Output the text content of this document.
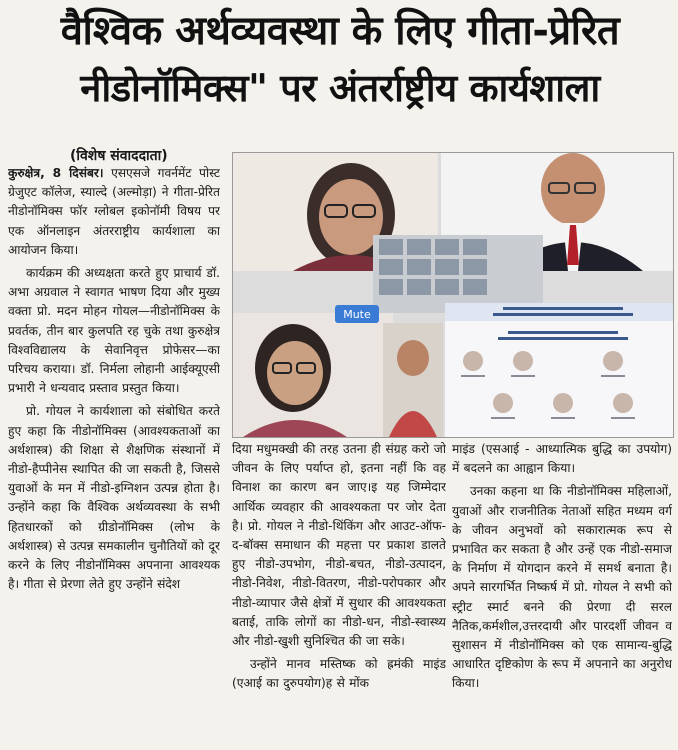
वैश्विक अर्थव्यवस्था के लिए गीता-प्रेरित
नीडोनॉमिक्स" पर अंतर्राष्ट्रीय कार्यशाला
(विशेष संवाददाता)

कुरुक्षेत्र, 8 दिसंबर। एसएसजे गवर्नमेंट पोस्ट ग्रेजुएट कॉलेज, स्याल्दे (अल्मोड़ा) ने गीता-प्रेरित नीडोनॉमिक्स फॉर ग्लोबल इकोनॉमी विषय पर एक ऑनलाइन अंतरराष्ट्रीय कार्यशाला का आयोजन किया।

कार्यक्रम की अध्यक्षता करते हुए प्राचार्य डॉ. अभा अग्रवाल ने स्वागत भाषण दिया और मुख्य वक्ता प्रो. मदन मोहन गोयल—नीडोनॉमिक्स के प्रवर्तक, तीन बार कुलपति रह चुके तथा कुरुक्षेत्र विश्वविद्यालय के सेवानिवृत्त प्रोफेसर—का परिचय कराया। डॉ. निर्मला लोहानी आईक्यूएसी प्रभारी ने धन्यवाद प्रस्ताव प्रस्तुत किया।

प्रो. गोयल ने कार्यशाला को संबोधित करते हुए कहा कि नीडोनॉमिक्स (आवश्यकताओं का अर्थशास्त्र) की शिक्षा से शैक्षणिक संस्थानों में नीडो-हैप्पीनेस स्थापित की जा सकती है, जिससे युवाओं के मन में नीडो-इग्निशन उत्पन्न होता है। उन्होंने कहा कि वैश्विक अर्थव्यवस्था के सभी हितधारकों को ग्रीडोनॉमिक्स (लोभ के अर्थशास्त्र) से उत्पन्न समकालीन चुनौतियों को दूर करने के लिए नीडोनॉमिक्स अपनाना आवश्यक है। गीता से प्रेरणा लेते हुए उन्होंने संदेश

Mute

दिया मधुमक्खी की तरह उतना ही संग्रह करो जो जीवन के लिए पर्याप्त हो, इतना नहीं कि वह विनाश का कारण बन जाए।इ यह जिम्मेदार आर्थिक व्यवहार की आवश्यकता पर जोर देता है। प्रो. गोयल ने नीडो-थिंकिंग और आउट-ऑफ-द-बॉक्स समाधान की महत्ता पर प्रकाश डालते हुए नीडो-उपभोग, नीडो-बचत, नीडो-उत्पादन, नीडो-निवेश, नीडो-वितरण, नीडो-परोपकार और नीडो-व्यापार जैसे क्षेत्रों में सुधार की आवश्यकता बताई, ताकि लोगों का नीडो-धन, नीडो-स्वास्थ्य और नीडो-खुशी सुनिश्चित की जा सके।

उन्होंने मानव मस्तिष्क को ह्रमंकी माइंड (एआई का दुरुपयोग)ह से मोंक

माइंड (एसआई - आध्यात्मिक बुद्धि का उपयोग) में बदलने का आह्वान किया।

उनका कहना था कि नीडोनॉमिक्स महिलाओं, युवाओं और राजनीतिक नेताओं सहित मध्यम वर्ग के जीवन अनुभवों को सकारात्मक रूप से प्रभावित कर सकता है और उन्हें एक नीडो-समाज के निर्माण में योगदान करने में समर्थ बनाता है। अपने सारगर्भित निष्कर्ष में प्रो. गोयल ने सभी को स्ट्रीट स्मार्ट बनने की प्रेरणा दी सरल नैतिक,कर्मशील,उत्तरदायी और पारदर्शी जीवन व सुशासन में नीडोनॉमिक्स को एक सामान्य-बुद्धि आधारित दृष्टिकोण के रूप में अपनाने का अनुरोध किया।
